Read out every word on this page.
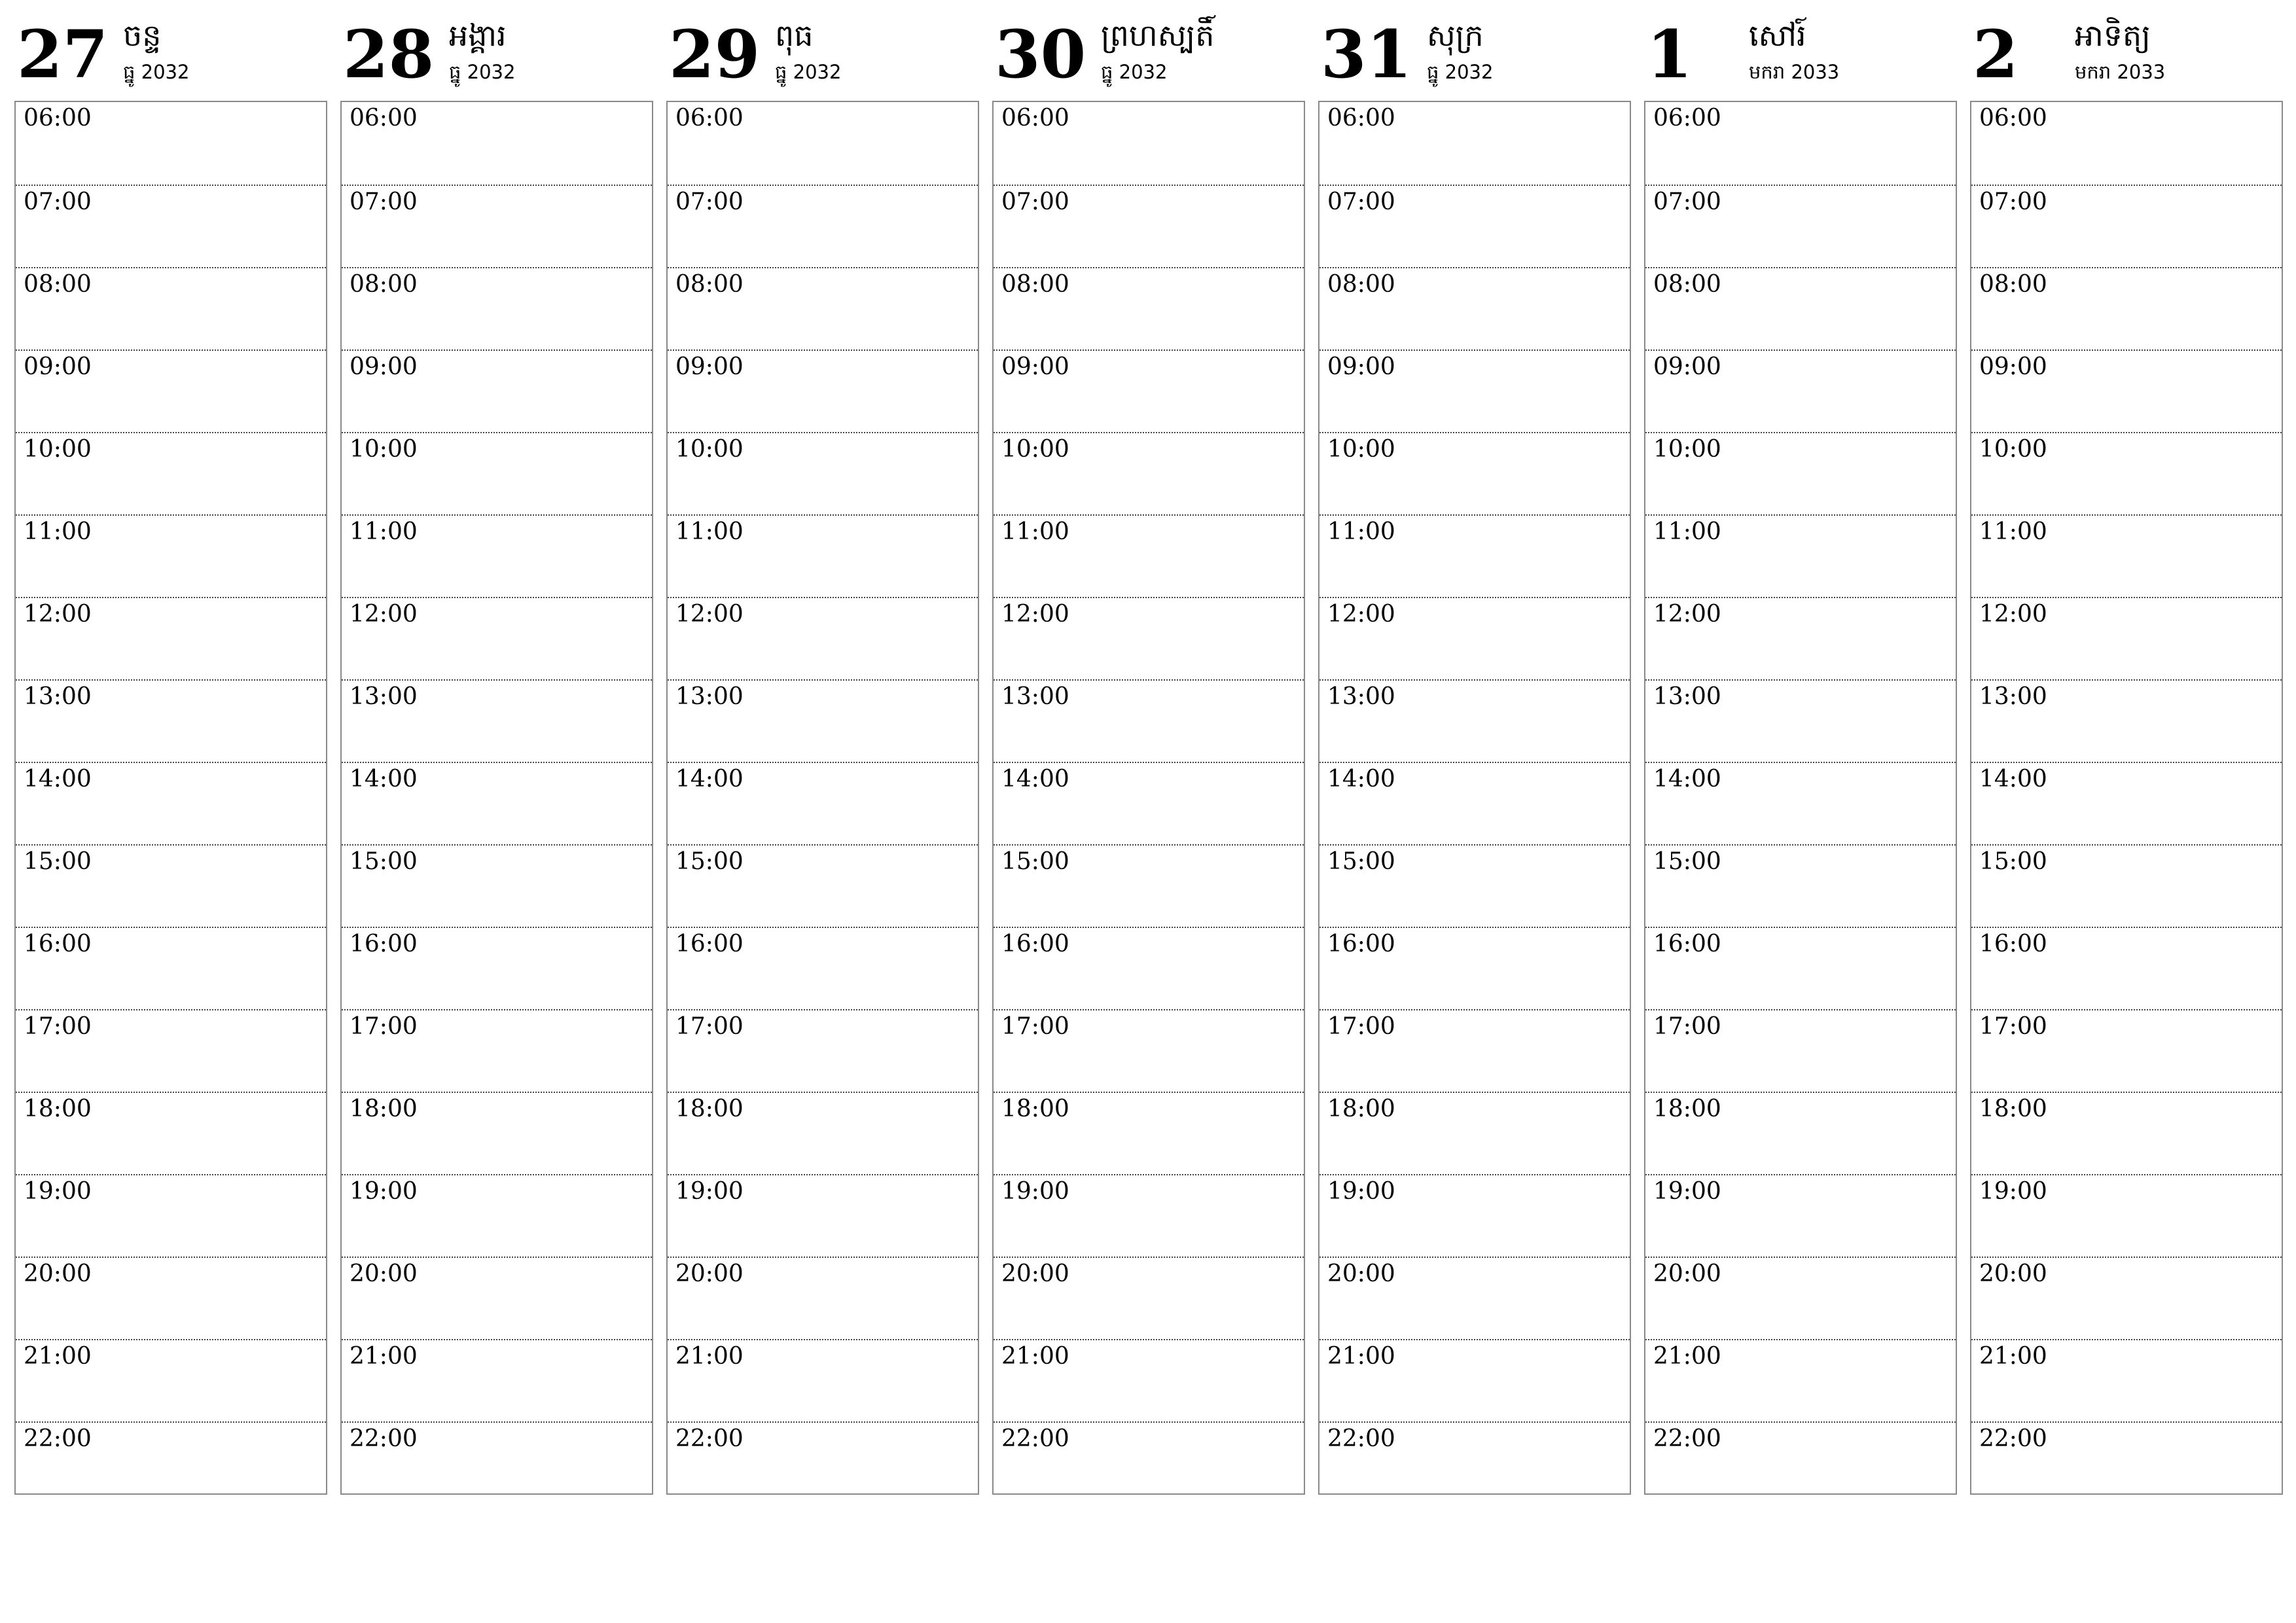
27 ចន្ទ
ធ្នូ 2032
06:00
07:00
08:00
09:00
10:00
11:00
12:00
13:00
14:00
15:00
16:00
17:00
18:00
19:00
20:00
21:00
22:00
28 អង្គារ
ធ្នូ 2032
06:00
07:00
08:00
09:00
10:00
11:00
12:00
13:00
14:00
15:00
16:00
17:00
18:00
19:00
20:00
21:00
22:00
29 ពុធ
ធ្នូ 2032
06:00
07:00
08:00
09:00
10:00
11:00
12:00
13:00
14:00
15:00
16:00
17:00
18:00
19:00
20:00
21:00
22:00
30 ព្រហស្បតិ៍
ធ្នូ 2032
06:00
07:00
08:00
09:00
10:00
11:00
12:00
13:00
14:00
15:00
16:00
17:00
18:00
19:00
20:00
21:00
22:00
31 សុក្រ
ធ្នូ 2032
06:00
07:00
08:00
09:00
10:00
11:00
12:00
13:00
14:00
15:00
16:00
17:00
18:00
19:00
20:00
21:00
22:00
1 សៅរ៍
មករា 2033
06:00
07:00
08:00
09:00
10:00
11:00
12:00
13:00
14:00
15:00
16:00
17:00
18:00
19:00
20:00
21:00
22:00
2 អាទិត្យ
មករា 2033
06:00
07:00
08:00
09:00
10:00
11:00
12:00
13:00
14:00
15:00
16:00
17:00
18:00
19:00
20:00
21:00
22:00
